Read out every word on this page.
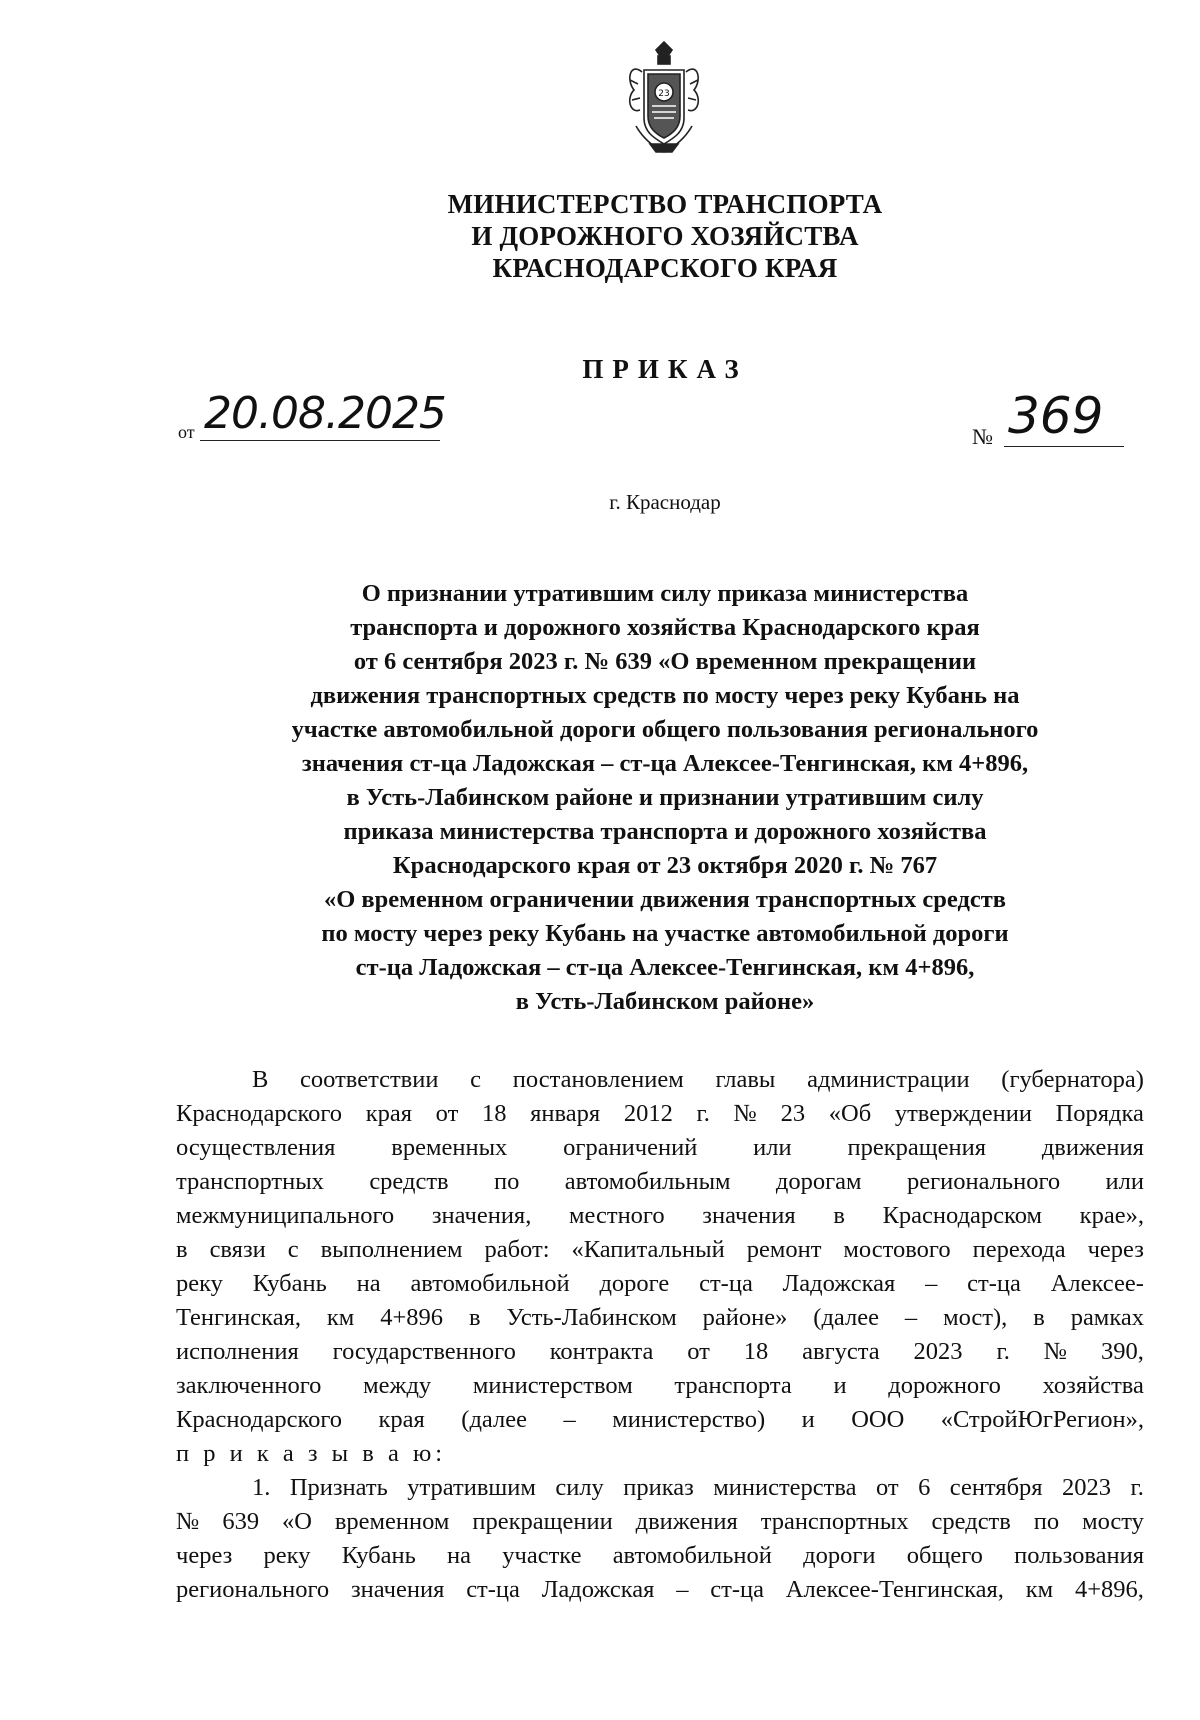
23
МИНИСТЕРСТВО ТРАНСПОРТА
И ДОРОЖНОГО ХОЗЯЙСТВА
КРАСНОДАРСКОГО КРАЯ
ПРИКАЗ
от 20.08.2025	№ 369
г. Краснодар
О признании утратившим силу приказа министерства
транспорта и дорожного хозяйства Краснодарского края
от 6 сентября 2023 г. № 639 «О временном прекращении
движения транспортных средств по мосту через реку Кубань на
участке автомобильной дороги общего пользования регионального
значения ст-ца Ладожская – ст-ца Алексее-Тенгинская, км 4+896,
в Усть-Лабинском районе и признании утратившим силу
приказа министерства транспорта и дорожного хозяйства
Краснодарского края от 23 октября 2020 г. № 767
«О временном ограничении движения транспортных средств
по мосту через реку Кубань на участке автомобильной дороги
ст-ца Ладожская – ст-ца Алексее-Тенгинская, км 4+896,
в Усть-Лабинском районе»
В соответствии с постановлением главы администрации (губернатора)
Краснодарского края от 18 января 2012 г. № 23 «Об утверждении Порядка
осуществления временных ограничений или прекращения движения
транспортных средств по автомобильным дорогам регионального или
межмуниципального значения, местного значения в Краснодарском крае»,
в связи с выполнением работ: «Капитальный ремонт мостового перехода через
реку Кубань на автомобильной дороге ст-ца Ладожская – ст-ца Алексее-
Тенгинская, км 4+896 в Усть-Лабинском районе» (далее – мост), в рамках
исполнения государственного контракта от 18 августа 2023 г. № 390,
заключенного между министерством транспорта и дорожного хозяйства
Краснодарского края (далее – министерство) и ООО «СтройЮгРегион»,
п р и к а з ы в а ю:
1. Признать утратившим силу приказ министерства от 6 сентября 2023 г.
№ 639 «О временном прекращении движения транспортных средств по мосту
через реку Кубань на участке автомобильной дороги общего пользования
регионального значения ст-ца Ладожская – ст-ца Алексее-Тенгинская, км 4+896,
